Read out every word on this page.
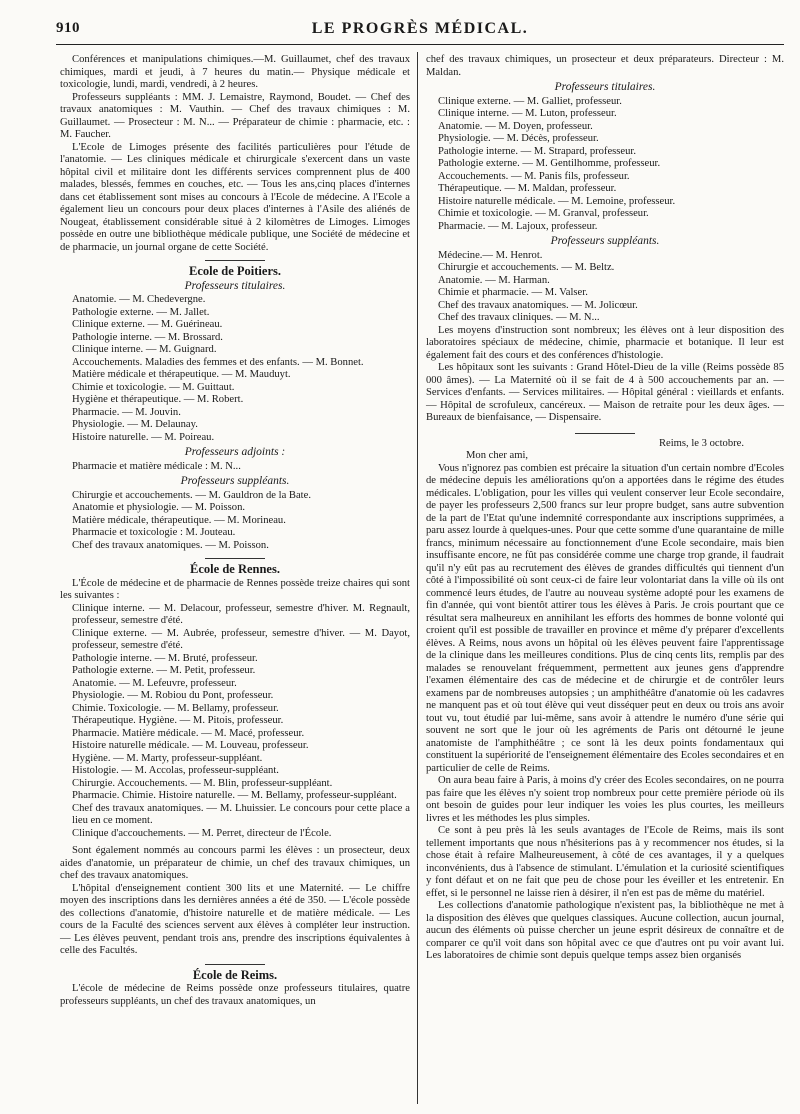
910	LE PROGRÈS MÉDICAL.

Conférences et manipulations chimiques.—M. Guillaumet, chef des travaux chimiques, mardi et jeudi, à 7 heures du matin.— Physique médicale et toxicologie, lundi, mardi, vendredi, à 2 heures.

Professeurs suppléants : MM. J. Lemaistre, Raymond, Boudet. — Chef des travaux anatomiques : M. Vauthin. — Chef des travaux chimiques : M. Guillaumet. — Prosecteur : M. N... — Préparateur de chimie : pharmacie, etc. : M. Faucher.

L'Ecole de Limoges présente des facilités particulières pour l'étude de l'anatomie. — Les cliniques médicale et chirurgicale s'exercent dans un vaste hôpital civil et militaire dont les différents services comprennent plus de 400 malades, blessés, femmes en couches, etc. — Tous les ans,cinq places d'internes dans cet établissement sont mises au concours à l'Ecole de médecine. A l'Ecole a également lieu un concours pour deux places d'internes à l'Asile des aliénés de Nougeat, établissement considérable situé à 2 kilomètres de Limoges. Limoges possède en outre une bibliothèque médicale publique, une Société de médecine et de pharmacie, un journal organe de cette Société.

Ecole de Poitiers.
Professeurs titulaires.

Anatomie. — M. Chedevergne.

Pathologie externe. — M. Jallet.

Clinique externe. — M. Guérineau.

Pathologie interne. — M. Brossard.

Clinique interne. — M. Guignard.

Accouchements. Maladies des femmes et des enfants. — M. Bonnet.

Matière médicale et thérapeutique. — M. Mauduyt.

Chimie et toxicologie. — M. Guittaut.

Hygiène et thérapeutique. — M. Robert.

Pharmacie. — M. Jouvin.

Physiologie. — M. Delaunay.

Histoire naturelle. — M. Poireau.

Professeurs adjoints :

Pharmacie et matière médicale : M. N...

Professeurs suppléants.

Chirurgie et accouchements. — M. Gauldron de la Bate.

Anatomie et physiologie. — M. Poisson.

Matière médicale, thérapeutique. — M. Morineau.

Pharmacie et toxicologie : M. Jouteau.

Chef des travaux anatomiques. — M. Poisson.

École de Rennes.

L'École de médecine et de pharmacie de Rennes possède treize chaires qui sont les suivantes :

Clinique interne. — M. Delacour, professeur, semestre d'hiver. M. Regnault, professeur, semestre d'été.

Clinique externe. — M. Aubrée, professeur, semestre d'hiver. — M. Dayot, professeur, semestre d'été.

Pathologie interne. — M. Bruté, professeur.

Pathologie externe. — M. Petit, professeur.

Anatomie. — M. Lefeuvre, professeur.

Physiologie. — M. Robiou du Pont, professeur.

Chimie. Toxicologie. — M. Bellamy, professeur.

Thérapeutique. Hygiène. — M. Pitois, professeur.

Pharmacie. Matière médicale. — M. Macé, professeur.

Histoire naturelle médicale. — M. Louveau, professeur.

Hygiène. — M. Marty, professeur-suppléant.

Histologie. — M. Accolas, professeur-suppléant.

Chirurgie. Accouchements. — M. Blin, professeur-suppléant.

Pharmacie. Chimie. Histoire naturelle. — M. Bellamy, professeur-suppléant.

Chef des travaux anatomiques. — M. Lhuissier. Le concours pour cette place a lieu en ce moment.

Clinique d'accouchements. — M. Perret, directeur de l'École.

Sont également nommés au concours parmi les élèves : un prosecteur, deux aides d'anatomie, un préparateur de chimie, un chef des travaux chimiques, un chef des travaux anatomiques.

L'hôpital d'enseignement contient 300 lits et une Maternité. — Le chiffre moyen des inscriptions dans les dernières années a été de 350. — L'école possède des collections d'anatomie, d'histoire naturelle et de matière médicale. — Les cours de la Faculté des sciences servent aux élèves à compléter leur instruction. — Les élèves peuvent, pendant trois ans, prendre des inscriptions équivalentes à celle des Facultés.

École de Reims.

L'école de médecine de Reims possède onze professeurs titulaires, quatre professeurs suppléants, un chef des travaux anatomiques, un

chef des travaux chimiques, un prosecteur et deux préparateurs. Directeur : M. Maldan.

Professeurs titulaires.

Clinique externe. — M. Galliet, professeur.

Clinique interne. — M. Luton, professeur.

Anatomie. — M. Doyen, professeur.

Physiologie. — M. Décès, professeur.

Pathologie interne. — M. Strapard, professeur.

Pathologie externe. — M. Gentilhomme, professeur.

Accouchements. — M. Panis fils, professeur.

Thérapeutique. — M. Maldan, professeur.

Histoire naturelle médicale. — M. Lemoine, professeur.

Chimie et toxicologie. — M. Granval, professeur.

Pharmacie. — M. Lajoux, professeur.

Professeurs suppléants.

Médecine.— M. Henrot.

Chirurgie et accouchements. — M. Beltz.

Anatomie. — M. Harman.

Chimie et pharmacie. — M. Valser.

Chef des travaux anatomiques. — M. Jolicœur.

Chef des travaux cliniques. — M. N...

Les moyens d'instruction sont nombreux; les élèves ont à leur disposition des laboratoires spéciaux de médecine, chimie, pharmacie et botanique. Il leur est également fait des cours et des conférences d'histologie.

Les hôpitaux sont les suivants : Grand Hôtel-Dieu de la ville (Reims possède 85 000 âmes). — La Maternité où il se fait de 4 à 500 accouchements par an. — Services d'enfants. — Services militaires. — Hôpital général : vieillards et enfants.— Hôpital de scrofuleux, cancéreux. — Maison de retraite pour les deux âges. — Bureaux de bienfaisance, — Dispensaire.

Reims, le 3 octobre.

Mon cher ami,

Vous n'ignorez pas combien est précaire la situation d'un certain nombre d'Ecoles de médecine depuis les améliorations qu'on a apportées dans le régime des études médicales. L'obligation, pour les villes qui veulent conserver leur Ecole secondaire, de payer les professeurs 2,500 francs sur leur propre budget, sans autre subvention de la part de l'Etat qu'une indemnité correspondante aux inscriptions supprimées, a paru assez lourde à quelques-unes. Pour que cette somme d'une quarantaine de mille francs, minimum nécessaire au fonctionnement d'une Ecole secondaire, mais bien insuffisante encore, ne fût pas considérée comme une charge trop grande, il faudrait qu'il n'y eût pas au recrutement des élèves de grandes difficultés qui tiennent d'un côté à l'impossibilité où sont ceux-ci de faire leur volontariat dans la ville où ils ont commencé leurs études, de l'autre au nouveau système adopté pour les examens de fin d'année, qui vont bientôt attirer tous les élèves à Paris. Je crois pourtant que ce résultat sera malheureux en annihilant les efforts des hommes de bonne volonté qui croient qu'il est possible de travailler en province et même d'y préparer d'excellents élèves. A Reims, nous avons un hôpital où les élèves peuvent faire l'apprentissage de la clinique dans les meilleures conditions. Plus de cinq cents lits, remplis par des malades se renouvelant fréquemment, permettent aux jeunes gens d'apprendre l'examen élémentaire des cas de médecine et de chirurgie et de contrôler leurs examens par de nombreuses autopsies ; un amphithéâtre d'anatomie où les cadavres ne manquent pas et où tout élève qui veut disséquer peut en deux ou trois ans avoir tout vu, tout étudié par lui-même, sans avoir à attendre le numéro d'une série qui souvent ne sort que le jour où les agréments de Paris ont détourné le jeune anatomiste de l'amphithéâtre ; ce sont là les deux points fondamentaux qui constituent la supériorité de l'enseignement élémentaire des Ecoles secondaires et en particulier de celle de Reims.

On aura beau faire à Paris, à moins d'y créer des Ecoles secondaires, on ne pourra pas faire que les élèves n'y soient trop nombreux pour cette première période où ils ont besoin de guides pour leur indiquer les voies les plus courtes, les meilleurs livres et les méthodes les plus simples.

Ce sont à peu près là les seuls avantages de l'Ecole de Reims, mais ils sont tellement importants que nous n'hésiterions pas à y recommencer nos études, si la chose était à refaire Malheureusement, à côté de ces avantages, il y a quelques inconvénients, dus à l'absence de stimulant. L'émulation et la curiosité scientifiques y font défaut et on ne fait que peu de chose pour les éveiller et les entretenir. En effet, si le personnel ne laisse rien à désirer, il n'en est pas de même du matériel.

Les collections d'anatomie pathologique n'existent pas, la bibliothèque ne met à la disposition des élèves que quelques classiques. Aucune collection, aucun journal, aucun des éléments où puisse chercher un jeune esprit désireux de connaître et de comparer ce qu'il voit dans son hôpital avec ce que d'autres ont pu voir avant lui. Les laboratoires de chimie sont depuis quelque temps assez bien organisés
